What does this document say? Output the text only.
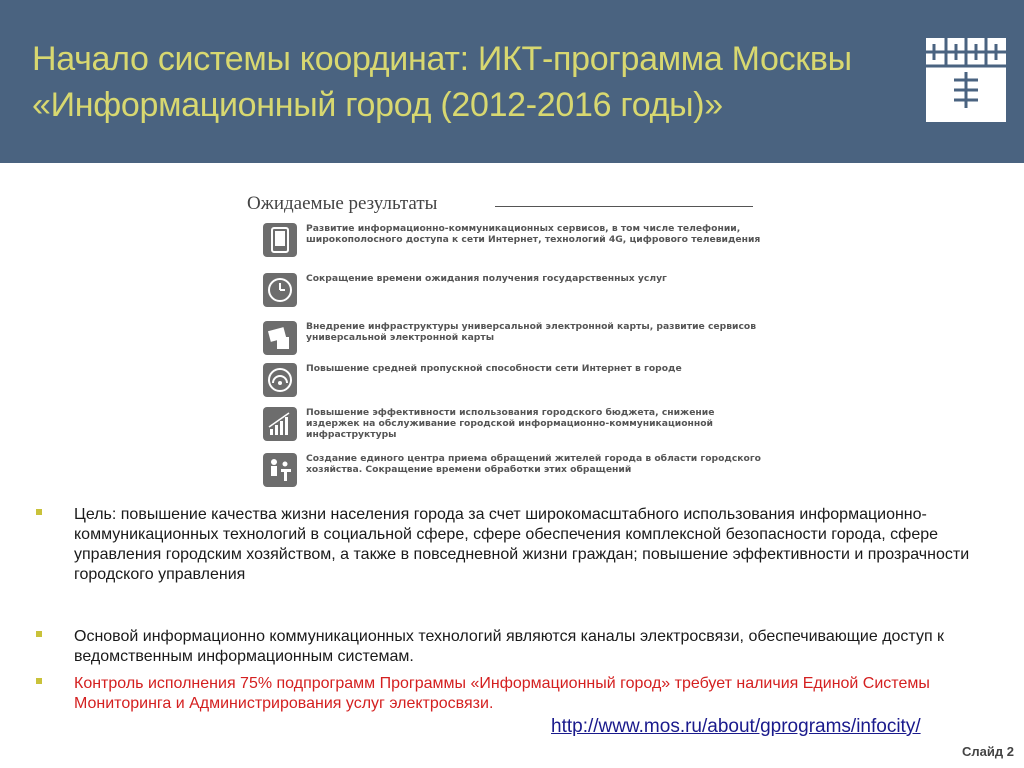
Начало системы координат: ИКТ-программа Москвы
«Информационный город (2012-2016 годы)»
Ожидаемые результаты
Развитие информационно-коммуникационных сервисов, в том числе телефонии, широкополосного доступа к сети Интернет, технологий 4G, цифрового телевидения
Сокращение времени ожидания получения государственных услуг
Внедрение инфраструктуры универсальной электронной карты, развитие сервисов универсальной электронной карты
Повышение средней пропускной способности сети Интернет в городе
Повышение эффективности использования городского бюджета, снижение издержек на обслуживание городской информационно-коммуникационной инфраструктуры
Создание единого центра приема обращений жителей города в области городского хозяйства. Сокращение времени обработки этих обращений
Цель: повышение качества жизни населения города за счет широкомасштабного использования информационно-коммуникационных технологий в социальной сфере, сфере обеспечения комплексной безопасности города, сфере управления городским хозяйством, а также в повседневной жизни граждан; повышение эффективности и прозрачности городского управления
Основой информационно коммуникационных технологий являются каналы электросвязи, обеспечивающие доступ к ведомственным информационным системам.
Контроль исполнения 75% подпрограмм Программы «Информационный город» требует наличия Единой Системы Мониторинга и Администрирования услуг электросвязи.
http://www.mos.ru/about/gprograms/infocity/
Слайд 2
